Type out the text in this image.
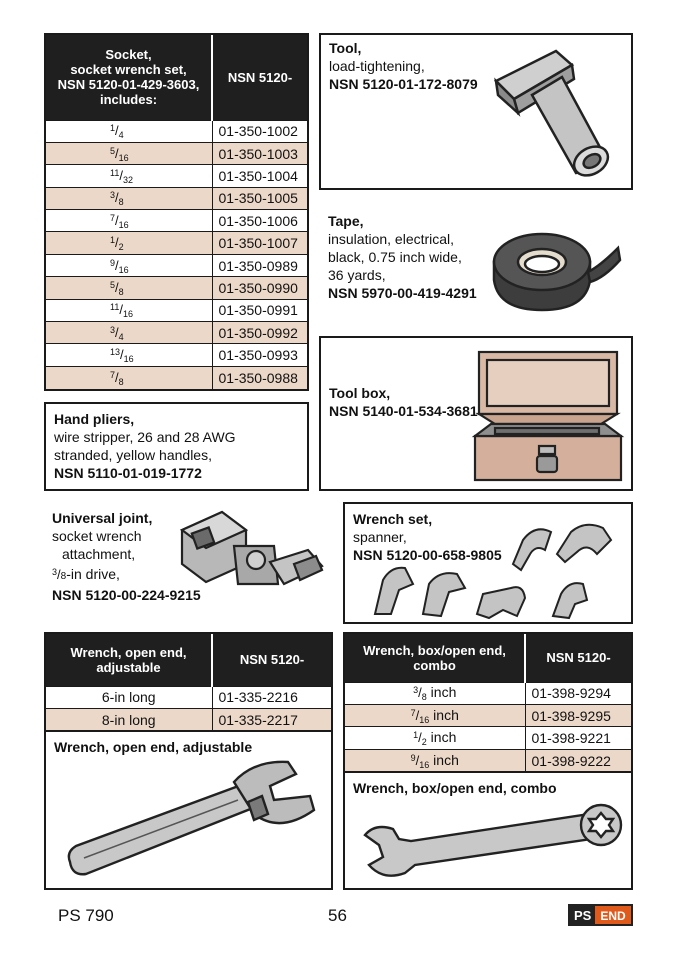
Socket,
socket wrench set,
NSN 5120-01-429-3603,
includes:	NSN 5120-
$^1/_4$	01-350-1002
$^5/_{16}$	01-350-1003
$^{11}/_{32}$	01-350-1004
$^3/_8$	01-350-1005
$^7/_{16}$	01-350-1006
$^1/_2$	01-350-1007
$^9/_{16}$	01-350-0989
$^5/_8$	01-350-0990
$^{11}/_{16}$	01-350-0991
$^3/_4$	01-350-0992
$^{13}/_{16}$	01-350-0993
$^7/_8$	01-350-0988
Tool,
load-tightening,
NSN 5120-01-172-8079
Tape,
insulation, electrical,
black, 0.75 inch wide,
36 yards,
NSN 5970-00-419-4291
Tool box,
NSN 5140-01-534-3681
Hand pliers,
wire stripper, 26 and 28 AWG
stranded, yellow handles,
NSN 5110-01-019-1772
Universal joint,
socket wrench
attachment,
$^3$/8-in drive,
NSN 5120-00-224-9215
Wrench set,
spanner,
NSN 5120-00-658-9805
Wrench, open end,
adjustable	NSN 5120-
6-in long	01-335-2216
8-in long	01-335-2217
Wrench, open end, adjustable
Wrench, box/open end,
combo	NSN 5120-
$^3/_8$ inch	01-398-9294
$^7/_{16}$ inch	01-398-9295
$^1/_2$ inch	01-398-9221
$^9/_{16}$ inch	01-398-9222
Wrench, box/open end, combo
PS 790	56	PS END
